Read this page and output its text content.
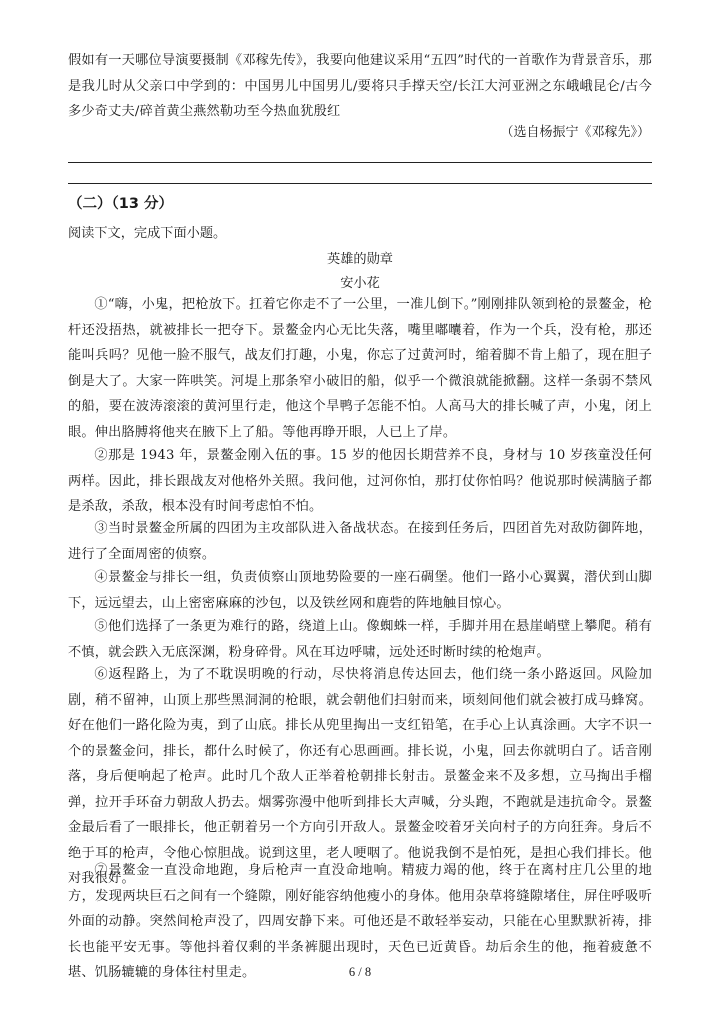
假如有一天哪位导演要摄制《邓稼先传》，我要向他建议采用“五四”时代的一首歌作为背景音乐，那是我儿时从父亲口中学到的：中国男儿中国男儿/要将只手撑天空/长江大河亚洲之东峨峨昆仑/古今多少奇丈夫/碎首黄尘燕然勒功至今热血犹殷红

（选自杨振宁《邓稼先》）
（二）（13 分）
阅读下文，完成下面小题。
英雄的勋章
安小花

①“嗨，小鬼，把枪放下。扛着它你走不了一公里，一准儿倒下。”刚刚排队领到枪的景鳌金，枪杆还没捂热，就被排长一把夺下。景鳌金内心无比失落，嘴里嘟囔着，作为一个兵，没有枪，那还能叫兵吗？见他一脸不服气，战友们打趣，小鬼，你忘了过黄河时，缩着脚不肯上船了，现在胆子倒是大了。大家一阵哄笑。河堤上那条窄小破旧的船，似乎一个微浪就能掀翻。这样一条弱不禁风的船，要在波涛滚滚的黄河里行走，他这个旱鸭子怎能不怕。人高马大的排长喊了声，小鬼，闭上眼。伸出胳膊将他夹在腋下上了船。等他再睁开眼，人已上了岸。

②那是 1943 年，景鳌金刚入伍的事。15 岁的他因长期营养不良，身材与 10 岁孩童没任何两样。因此，排长跟战友对他格外关照。我问他，过河你怕，那打仗你怕吗？他说那时候满脑子都是杀敌，杀敌，根本没有时间考虑怕不怕。

③当时景鳌金所属的四团为主攻部队进入备战状态。在接到任务后，四团首先对敌防御阵地，进行了全面周密的侦察。

④景鳌金与排长一组，负责侦察山顶地势险要的一座石碉堡。他们一路小心翼翼，潜伏到山脚下，远远望去，山上密密麻麻的沙包，以及铁丝网和鹿砦的阵地触目惊心。

⑤他们选择了一条更为难行的路，绕道上山。像蜘蛛一样，手脚并用在悬崖峭壁上攀爬。稍有不慎，就会跌入无底深渊，粉身碎骨。风在耳边呼啸，远处还时断时续的枪炮声。

⑥返程路上，为了不耽误明晚的行动，尽快将消息传达回去，他们绕一条小路返回。风险加剧，稍不留神，山顶上那些黑洞洞的枪眼，就会朝他们扫射而来，顷刻间他们就会被打成马蜂窝。好在他们一路化险为夷，到了山底。排长从兜里掏出一支红铅笔，在手心上认真涂画。大字不识一个的景鳌金问，排长，都什么时候了，你还有心思画画。排长说，小鬼，回去你就明白了。话音刚落，身后便响起了枪声。此时几个敌人正举着枪朝排长射击。景鳌金来不及多想，立马掏出手榴弹，拉开手环奋力朝敌人扔去。烟雾弥漫中他听到排长大声喊，分头跑，不跑就是违抗命令。景鳌金最后看了一眼排长，他正朝着另一个方向引开敌人。景鳌金咬着牙关向村子的方向狂奔。身后不绝于耳的枪声，令他心惊胆战。说到这里，老人哽咽了。他说我倒不是怕死，是担心我们排长。他对我很好。

⑦景鳌金一直没命地跑，身后枪声一直没命地响。精疲力竭的他，终于在离村庄几公里的地方，发现两块巨石之间有一个缝隙，刚好能容纳他瘦小的身体。他用杂草将缝隙堵住，屏住呼吸听外面的动静。突然间枪声没了，四周安静下来。可他还是不敢轻举妄动，只能在心里默默祈祷，排长也能平安无事。等他抖着仅剩的半条裤腿出现时，天色已近黄昏。劫后余生的他，拖着疲惫不堪、饥肠辘辘的身体往村里走。	6 / 8
